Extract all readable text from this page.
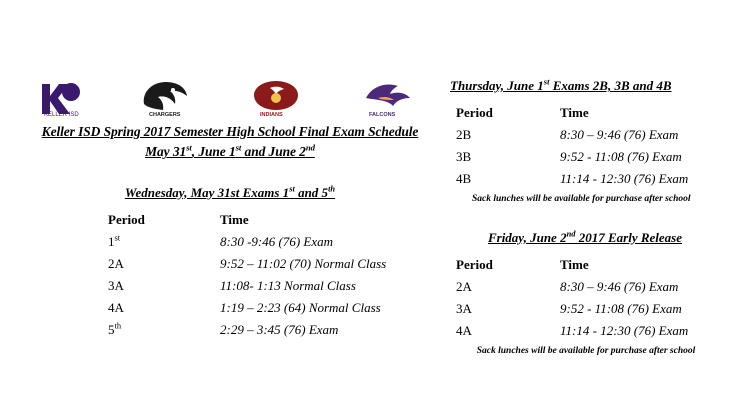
KELLER ISD	CHARGERS	INDIANS	FALCONS
Keller ISD Spring 2017 Semester High School Final Exam Schedule
May 31st, June 1st and June 2nd
Wednesday, May 31st Exams 1st and 5th
Period	Time
1st	8:30 -9:46 (76) Exam
2A	9:52 – 11:02 (70) Normal Class
3A	11:08- 1:13 Normal Class
4A	1:19 – 2:23 (64) Normal Class
5th	2:29 – 3:45 (76) Exam
Thursday, June 1st Exams 2B, 3B and 4B
Period	Time
2B	8:30 – 9:46 (76) Exam
3B	9:52 - 11:08 (76) Exam
4B	11:14 - 12:30 (76) Exam
Sack lunches will be available for purchase after school
Friday, June 2nd 2017 Early Release
Period	Time
2A	8:30 – 9:46 (76) Exam
3A	9:52 - 11:08 (76) Exam
4A	11:14 - 12:30 (76) Exam
Sack lunches will be available for purchase after school
